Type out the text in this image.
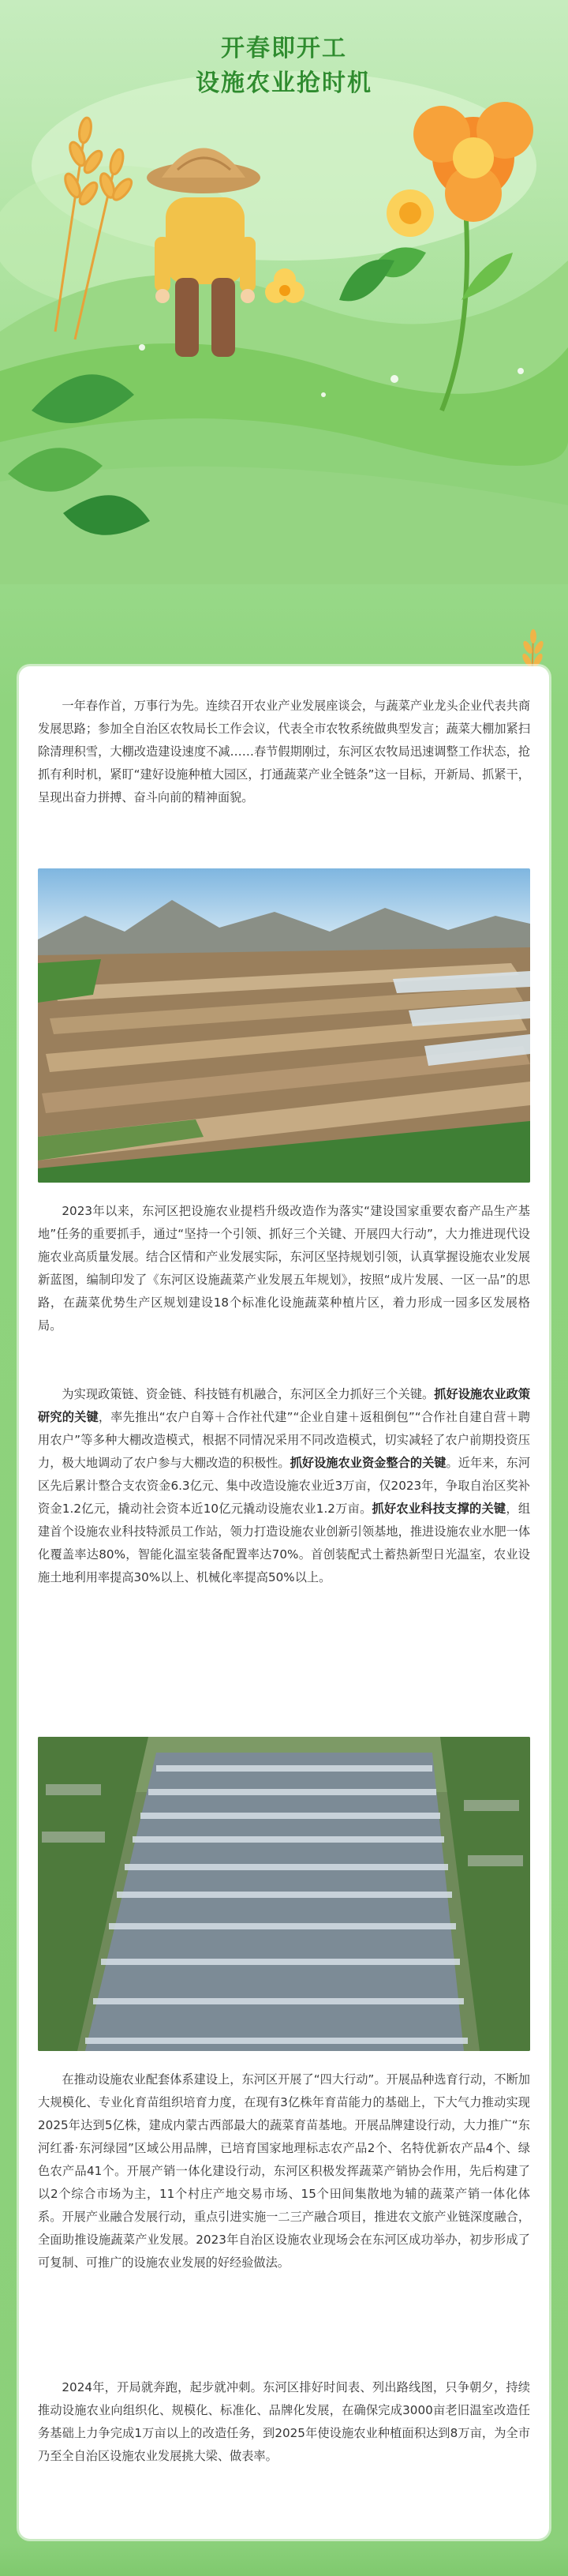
开春即开工
设施农业抢时机

一年春作首，万事行为先。连续召开农业产业发展座谈会，与蔬菜产业龙头企业代表共商发展思路；参加全自治区农牧局长工作会议，代表全市农牧系统做典型发言；蔬菜大棚加紧扫除清理积雪，大棚改造建设速度不减……春节假期刚过，东河区农牧局迅速调整工作状态，抢抓有利时机，紧盯“建好设施种植大园区，打通蔬菜产业全链条”这一目标，开新局、抓紧干，呈现出奋力拼搏、奋斗向前的精神面貌。

2023年以来，东河区把设施农业提档升级改造作为落实“建设国家重要农畜产品生产基地”任务的重要抓手，通过“坚持一个引领、抓好三个关键、开展四大行动”，大力推进现代设施农业高质量发展。结合区情和产业发展实际，东河区坚持规划引领，认真掌握设施农业发展新蓝图，编制印发了《东河区设施蔬菜产业发展五年规划》，按照“成片发展、一区一品”的思路，在蔬菜优势生产区规划建设18个标准化设施蔬菜种植片区，着力形成一园多区发展格局。

为实现政策链、资金链、科技链有机融合，东河区全力抓好三个关键。抓好设施农业政策研究的关键，率先推出“农户自筹＋合作社代建”“企业自建＋返租倒包”“合作社自建自营＋聘用农户”等多种大棚改造模式，根据不同情况采用不同改造模式，切实减轻了农户前期投资压力，极大地调动了农户参与大棚改造的积极性。抓好设施农业资金整合的关键。近年来，东河区先后累计整合支农资金6.3亿元、集中改造设施农业近3万亩，仅2023年，争取自治区奖补资金1.2亿元，撬动社会资本近10亿元撬动设施农业1.2万亩。抓好农业科技支撑的关键，组建首个设施农业科技特派员工作站，领力打造设施农业创新引领基地，推进设施农业水肥一体化覆盖率达80%，智能化温室装备配置率达70%。首创装配式土蓄热新型日光温室，农业设施土地利用率提高30%以上、机械化率提高50%以上。

在推动设施农业配套体系建设上，东河区开展了“四大行动”。开展品种选育行动，不断加大规模化、专业化育苗组织培育力度，在现有3亿株年育苗能力的基础上，下大气力推动实现2025年达到5亿株，建成内蒙古西部最大的蔬菜育苗基地。开展品牌建设行动，大力推广“东河红番·东河绿园”区域公用品牌，已培育国家地理标志农产品2个、名特优新农产品4个、绿色农产品41个。开展产销一体化建设行动，东河区积极发挥蔬菜产销协会作用，先后构建了以2个综合市场为主，11个村庄产地交易市场、15个田间集散地为辅的蔬菜产销一体化体系。开展产业融合发展行动，重点引进实施一二三产融合项目，推进农文旅产业链深度融合，全面助推设施蔬菜产业发展。2023年自治区设施农业现场会在东河区成功举办，初步形成了可复制、可推广的设施农业发展的好经验做法。

2024年，开局就奔跑，起步就冲刺。东河区排好时间表、列出路线图，只争朝夕，持续推动设施农业向组织化、规模化、标准化、品牌化发展，在确保完成3000亩老旧温室改造任务基础上力争完成1万亩以上的改造任务，到2025年使设施农业种植面积达到8万亩，为全市乃至全自治区设施农业发展挑大梁、做表率。
